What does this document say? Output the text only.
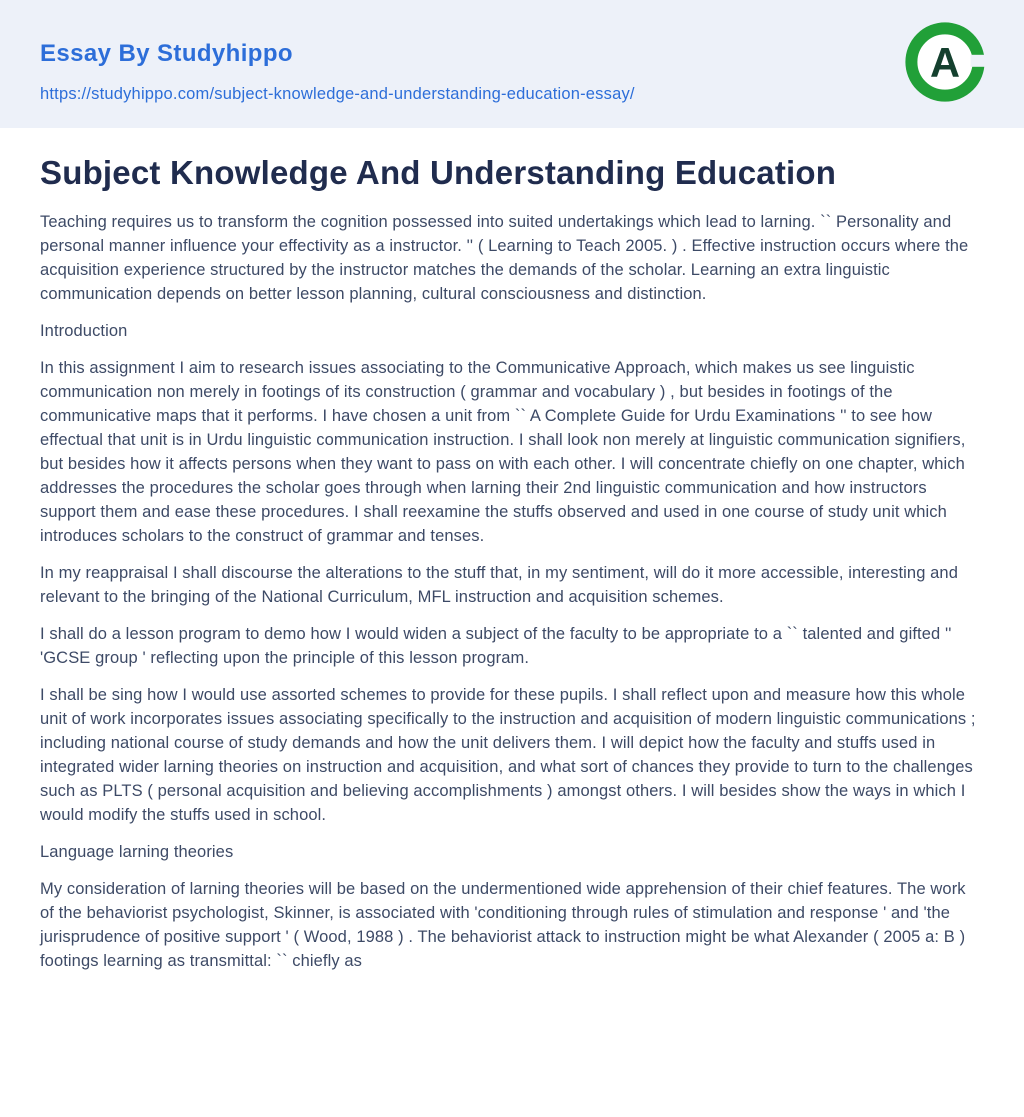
Essay By Studyhippo
https://studyhippo.com/subject-knowledge-and-understanding-education-essay/
A
Subject Knowledge And Understanding Education

Teaching requires us to transform the cognition possessed into suited undertakings which lead to larning. `` Personality and personal manner influence your effectivity as a instructor. '' ( Learning to Teach 2005. ) . Effective instruction occurs where the acquisition experience structured by the instructor matches the demands of the scholar. Learning an extra linguistic communication depends on better lesson planning, cultural consciousness and distinction.

Introduction

In this assignment I aim to research issues associating to the Communicative Approach, which makes us see linguistic communication non merely in footings of its construction ( grammar and vocabulary ) , but besides in footings of the communicative maps that it performs. I have chosen a unit from `` A Complete Guide for Urdu Examinations '' to see how effectual that unit is in Urdu linguistic communication instruction. I shall look non merely at linguistic communication signifiers, but besides how it affects persons when they want to pass on with each other. I will concentrate chiefly on one chapter, which addresses the procedures the scholar goes through when larning their 2nd linguistic communication and how instructors support them and ease these procedures. I shall reexamine the stuffs observed and used in one course of study unit which introduces scholars to the construct of grammar and tenses.

In my reappraisal I shall discourse the alterations to the stuff that, in my sentiment, will do it more accessible, interesting and relevant to the bringing of the National Curriculum, MFL instruction and acquisition schemes.

I shall do a lesson program to demo how I would widen a subject of the faculty to be appropriate to a `` talented and gifted '' 'GCSE group ' reflecting upon the principle of this lesson program.

I shall be sing how I would use assorted schemes to provide for these pupils. I shall reflect upon and measure how this whole unit of work incorporates issues associating specifically to the instruction and acquisition of modern linguistic communications ; including national course of study demands and how the unit delivers them. I will depict how the faculty and stuffs used in integrated wider larning theories on instruction and acquisition, and what sort of chances they provide to turn to the challenges such as PLTS ( personal acquisition and believing accomplishments ) amongst others. I will besides show the ways in which I would modify the stuffs used in school.

Language larning theories

My consideration of larning theories will be based on the undermentioned wide apprehension of their chief features. The work of the behaviorist psychologist, Skinner, is associated with 'conditioning through rules of stimulation and response ' and 'the jurisprudence of positive support ' ( Wood, 1988 ) . The behaviorist attack to instruction might be what Alexander ( 2005 a: B ) footings learning as transmittal: `` chiefly as
